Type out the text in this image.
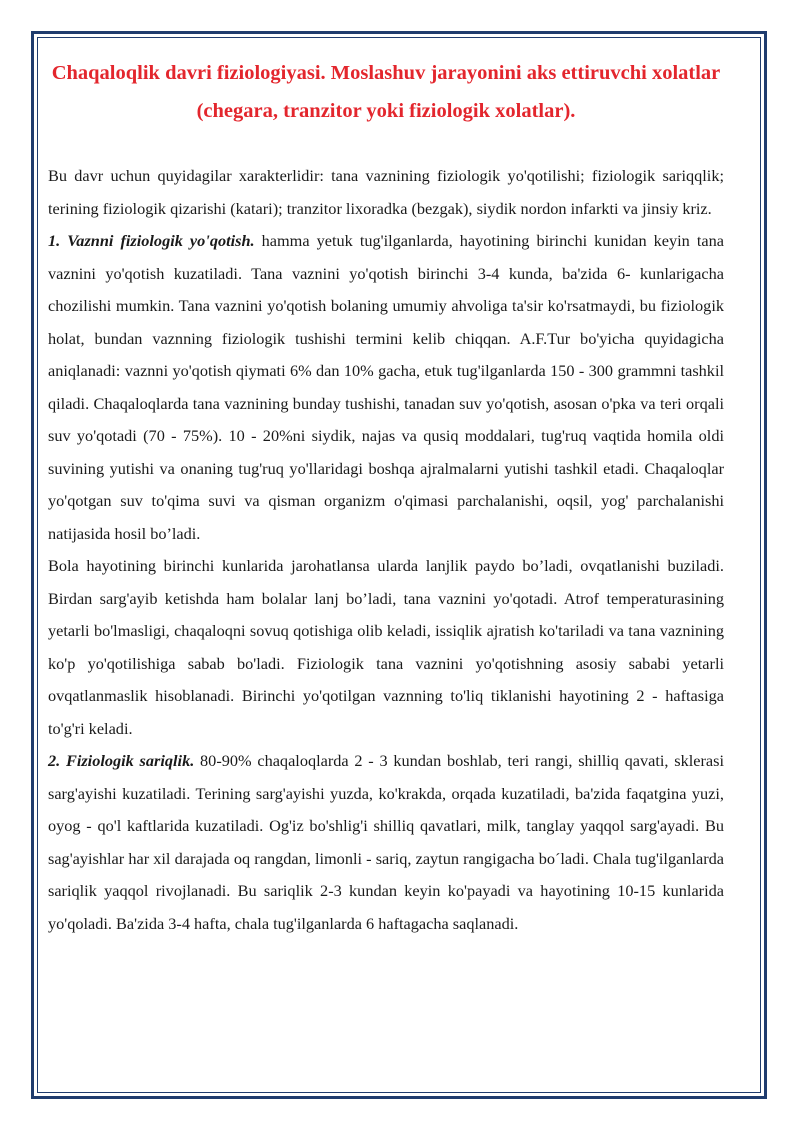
Chaqaloqlik davri fiziologiyasi. Moslashuv jarayonini aks ettiruvchi xolatlar (chegara, tranzitor yoki fiziologik xolatlar).

Bu davr uchun quyidagilar xarakterlidir: tana vaznining fiziologik yo'qotilishi; fiziologik sariqqlik; terining fiziologik qizarishi (katari); tranzitor lixoradka (bezgak), siydik nordon infarkti va jinsiy kriz.

1. Vaznni fiziologik yo'qotish. hamma yetuk tug'ilganlarda, hayotining birinchi kunidan keyin tana vaznini yo'qotish kuzatiladi. Tana vaznini yo'qotish birinchi 3-4 kunda, ba'zida 6- kunlarigacha chozilishi mumkin. Tana vaznini yo'qotish bolaning umumiy ahvoliga ta'sir ko'rsatmaydi, bu fiziologik holat, bundan vaznning fiziologik tushishi termini kelib chiqqan. A.F.Tur bo'yicha quyidagicha aniqlanadi: vaznni yo'qotish qiymati 6% dan 10% gacha, etuk tug'ilganlarda 150 - 300 grammni tashkil qiladi. Chaqaloqlarda tana vaznining bunday tushishi, tanadan suv yo'qotish, asosan o'pka va teri orqali suv yo'qotadi (70 - 75%). 10 - 20%ni siydik, najas va qusiq moddalari, tug'ruq vaqtida homila oldi suvining yutishi va onaning tug'ruq yo'llaridagi boshqa ajralmalarni yutishi tashkil etadi. Chaqaloqlar yo'qotgan suv to'qima suvi va qisman organizm o'qimasi parchalanishi, oqsil, yog' parchalanishi natijasida hosil bo’ladi.

Bola hayotining birinchi kunlarida jarohatlansa ularda lanjlik paydo bo’ladi, ovqatlanishi buziladi. Birdan sarg'ayib ketishda ham bolalar lanj bo’ladi, tana vaznini yo'qotadi. Atrof temperaturasining yetarli bo'lmasligi, chaqaloqni sovuq qotishiga olib keladi, issiqlik ajratish ko'tariladi va tana vaznining ko'p yo'qotilishiga sabab bo'ladi. Fiziologik tana vaznini yo'qotishning asosiy sababi yetarli ovqatlanmaslik hisoblanadi. Birinchi yo'qotilgan vaznning to'liq tiklanishi hayotining 2 - haftasiga to'g'ri keladi.

2. Fiziologik sariqlik. 80-90% chaqaloqlarda 2 - 3 kundan boshlab, teri rangi, shilliq qavati, sklerasi sarg'ayishi kuzatiladi. Terining sarg'ayishi yuzda, ko'krakda, orqada kuzatiladi, ba'zida faqatgina yuzi, oyog - qo'l kaftlarida kuzatiladi. Og'iz bo'shlig'i shilliq qavatlari, milk, tanglay yaqqol sarg'ayadi. Bu sag'ayishlar har xil darajada oq rangdan, limonli - sariq, zaytun rangigacha bo´ladi. Chala tug'ilganlarda sariqlik yaqqol rivojlanadi. Bu sariqlik 2-3 kundan keyin ko'payadi va hayotining 10-15 kunlarida yo'qoladi. Ba'zida 3-4 hafta, chala tug'ilganlarda 6 haftagacha saqlanadi.
